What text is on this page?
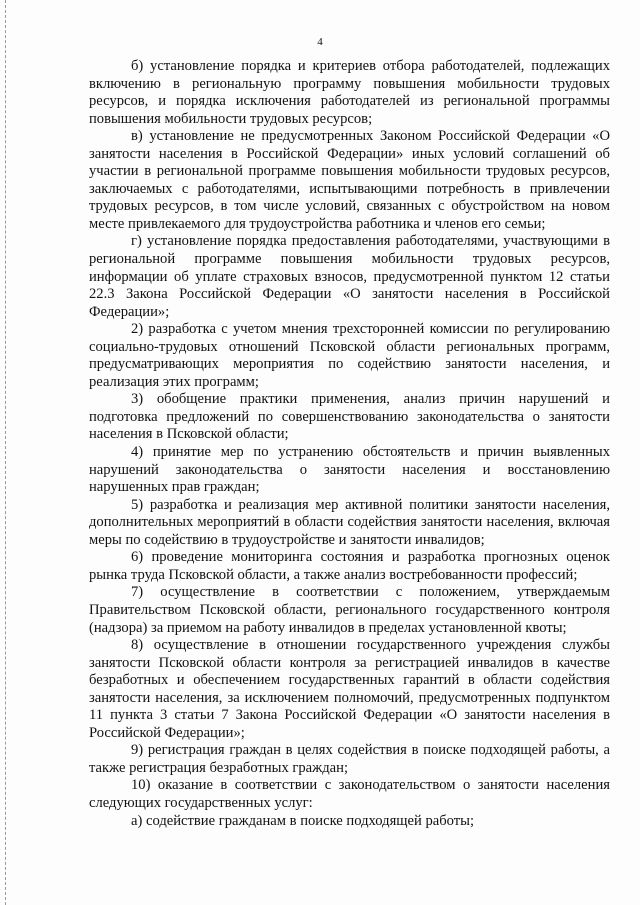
4

б) установление порядка и критериев отбора работодателей, подлежащих включению в региональную программу повышения мобильности трудовых ресурсов, и порядка исключения работодателей из региональной программы повышения мобильности трудовых ресурсов;

в) установление не предусмотренных Законом Российской Федерации «О занятости населения в Российской Федерации» иных условий соглашений об участии в региональной программе повышения мобильности трудовых ресурсов, заключаемых с работодателями, испытывающими потребность в привлечении трудовых ресурсов, в том числе условий, связанных с обустройством на новом месте привлекаемого для трудоустройства работника и членов его семьи;

г) установление порядка предоставления работодателями, участвующими в региональной программе повышения мобильности трудовых ресурсов, информации об уплате страховых взносов, предусмотренной пунктом 12 статьи 22.3 Закона Российской Федерации «О занятости населения в Российской Федерации»;

2) разработка с учетом мнения трехсторонней комиссии по регулированию социально-трудовых отношений Псковской области региональных программ, предусматривающих мероприятия по содействию занятости населения, и реализация этих программ;

3) обобщение практики применения, анализ причин нарушений и подготовка предложений по совершенствованию законодательства о занятости населения в Псковской области;

4) принятие мер по устранению обстоятельств и причин выявленных нарушений законодательства о занятости населения и восстановлению нарушенных прав граждан;

5) разработка и реализация мер активной политики занятости населения, дополнительных мероприятий в области содействия занятости населения, включая меры по содействию в трудоустройстве и занятости инвалидов;

6) проведение мониторинга состояния и разработка прогнозных оценок рынка труда Псковской области, а также анализ востребованности профессий;

7) осуществление в соответствии с положением, утверждаемым Правительством Псковской области, регионального государственного контроля (надзора) за приемом на работу инвалидов в пределах установленной квоты;

8) осуществление в отношении государственного учреждения службы занятости Псковской области контроля за регистрацией инвалидов в качестве безработных и обеспечением государственных гарантий в области содействия занятости населения, за исключением полномочий, предусмотренных подпунктом 11 пункта 3 статьи 7 Закона Российской Федерации «О занятости населения в Российской Федерации»;

9) регистрация граждан в целях содействия в поиске подходящей работы, а также регистрация безработных граждан;

10) оказание в соответствии с законодательством о занятости населения следующих государственных услуг:

а) содействие гражданам в поиске подходящей работы;
